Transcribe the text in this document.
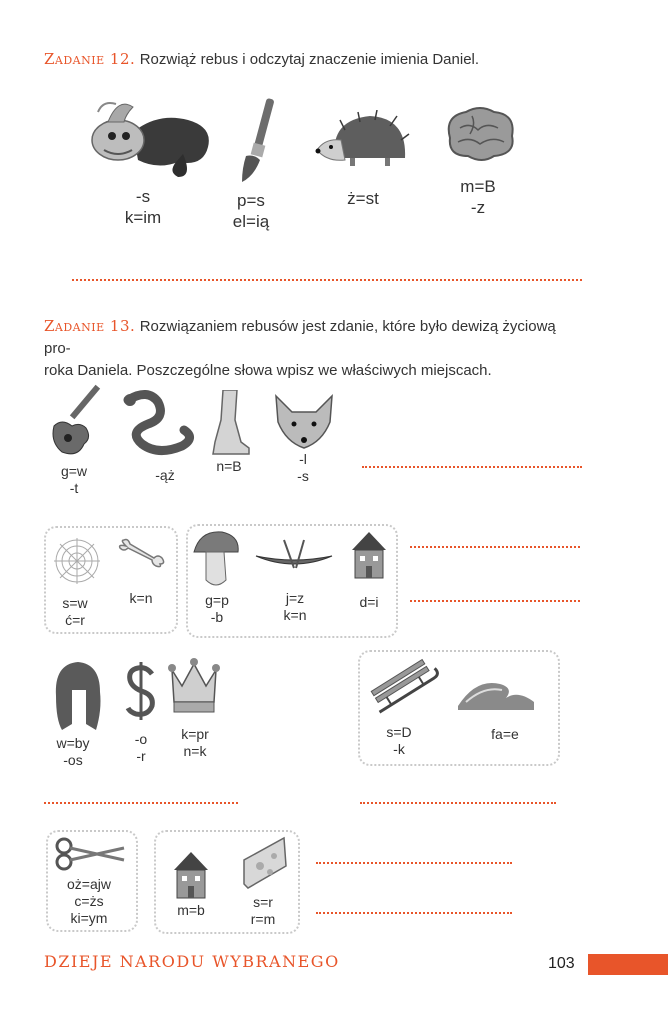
Zadanie 12. Rozwiąż rebus i odczytaj znaczenie imienia Daniel.
-s
k=im
p=s
el=ią
ż=st
m=B
-z
Zadanie 13. Rozwiązaniem rebusów jest zdanie, które było dewizą życiową pro-
roka Daniela. Poszczególne słowa wpisz we właściwych miejscach.
g=w
-t
-ąż
n=B	-l
-s
s=w
ć=r
k=n	g=p
-b
j=z
k=n
d=i
w=by
-os
-o
-r
k=pr
n=k
s=D
-k
fa=e
oż=ajw
c=żs
ki=ym	m=b	s=r
r=m
DZIEJE NARODU WYBRANEGO	103
